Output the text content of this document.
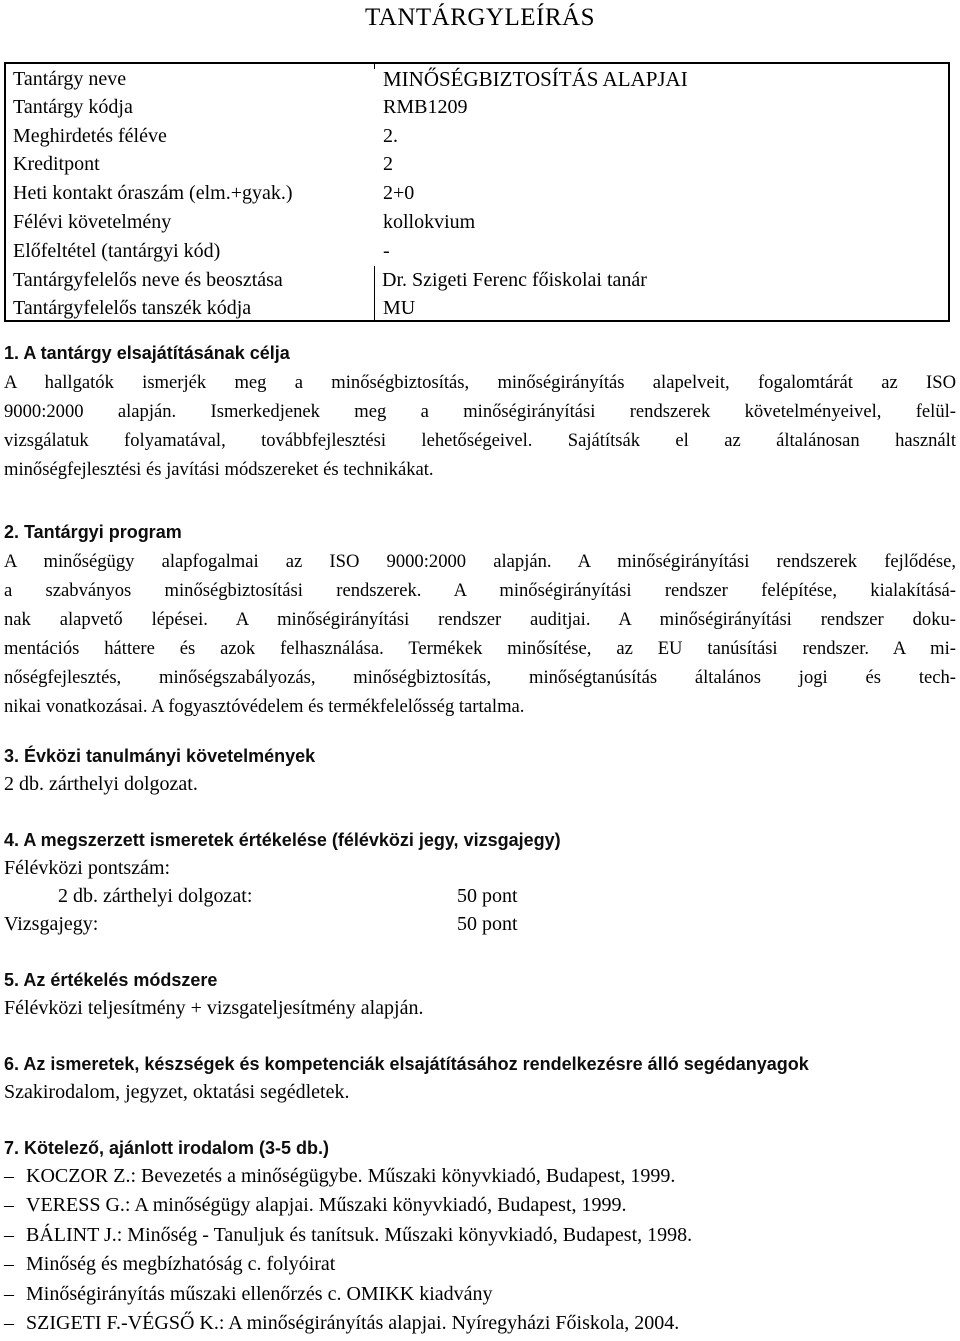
TANTÁRGYLEÍRÁS
Tantárgy neve	MINŐSÉGBIZTOSÍTÁS ALAPJAI
Tantárgy kódja	RMB1209
Meghirdetés féléve	2.
Kreditpont	2
Heti kontakt óraszám (elm.+gyak.)	2+0
Félévi követelmény	kollokvium
Előfeltétel (tantárgyi kód)	-
Tantárgyfelelős neve és beosztása	Dr. Szigeti Ferenc főiskolai tanár
Tantárgyfelelős tanszék kódja	MU
1. A tantárgy elsajátításának célja
A hallgatók ismerjék meg a minőségbiztosítás, minőségirányítás alapelveit, fogalomtárát az ISO
9000:2000 alapján. Ismerkedjenek meg a minőségirányítási rendszerek követelményeivel, felül-
vizsgálatuk folyamatával, továbbfejlesztési lehetőségeivel. Sajátítsák el az általánosan használt
minőségfejlesztési és javítási módszereket és technikákat.
2. Tantárgyi program
A minőségügy alapfogalmai az ISO 9000:2000 alapján. A minőségirányítási rendszerek fejlődése,
a szabványos minőségbiztosítási rendszerek. A minőségirányítási rendszer felépítése, kialakításá-
nak alapvető lépései. A minőségirányítási rendszer auditjai. A minőségirányítási rendszer doku-
mentációs háttere és azok felhasználása. Termékek minősítése, az EU tanúsítási rendszer. A mi-
nőségfejlesztés, minőségszabályozás, minőségbiztosítás, minőségtanúsítás általános jogi és tech-
nikai vonatkozásai. A fogyasztóvédelem és termékfelelősség tartalma.
3. Évközi tanulmányi követelmények
2 db. zárthelyi dolgozat.
4. A megszerzett ismeretek értékelése (félévközi jegy, vizsgajegy)
Félévközi pontszám:
2 db. zárthelyi dolgozat:	50 pont
Vizsgajegy:	50 pont
5. Az értékelés módszere
Félévközi teljesítmény + vizsgateljesítmény alapján.
6. Az ismeretek, készségek és kompetenciák elsajátításához rendelkezésre álló segédanyagok
Szakirodalom, jegyzet, oktatási segédletek.
7. Kötelező, ajánlott irodalom (3-5 db.)
– KOCZOR Z.: Bevezetés a minőségügybe. Műszaki könyvkiadó, Budapest, 1999.
– VERESS G.: A minőségügy alapjai. Műszaki könyvkiadó, Budapest, 1999.
– BÁLINT J.: Minőség - Tanuljuk és tanítsuk. Műszaki könyvkiadó, Budapest, 1998.
– Minőség és megbízhatóság c. folyóirat
– Minőségirányítás műszaki ellenőrzés c. OMIKK kiadvány
– SZIGETI F.-VÉGSŐ K.: A minőségirányítás alapjai. Nyíregyházi Főiskola, 2004.
